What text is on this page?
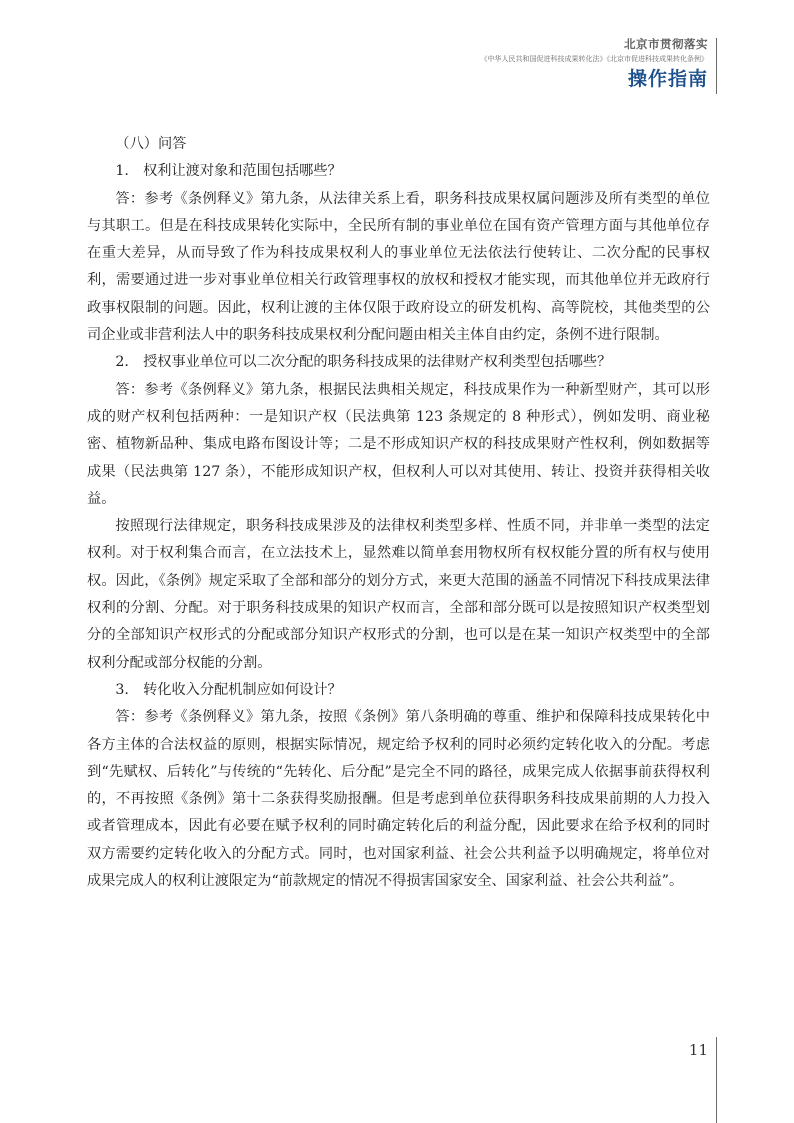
北京市贯彻落实
《中华人民共和国促进科技成果转化法》《北京市促进科技成果转化条例》
操作指南

（八）问答

1.　权利让渡对象和范围包括哪些？

答：参考《条例释义》第九条，从法律关系上看，职务科技成果权属问题涉及所有类型的单位与其职工。但是在科技成果转化实际中，全民所有制的事业单位在国有资产管理方面与其他单位存在重大差异，从而导致了作为科技成果权利人的事业单位无法依法行使转让、二次分配的民事权利，需要通过进一步对事业单位相关行政管理事权的放权和授权才能实现，而其他单位并无政府行政事权限制的问题。因此，权利让渡的主体仅限于政府设立的研发机构、高等院校，其他类型的公司企业或非营利法人中的职务科技成果权利分配问题由相关主体自由约定，条例不进行限制。

2.　授权事业单位可以二次分配的职务科技成果的法律财产权利类型包括哪些？

答：参考《条例释义》第九条，根据民法典相关规定，科技成果作为一种新型财产，其可以形成的财产权利包括两种：一是知识产权（民法典第 123 条规定的 8 种形式），例如发明、商业秘密、植物新品种、集成电路布图设计等；二是不形成知识产权的科技成果财产性权利，例如数据等成果（民法典第 127 条），不能形成知识产权，但权利人可以对其使用、转让、投资并获得相关收益。

按照现行法律规定，职务科技成果涉及的法律权利类型多样、性质不同，并非单一类型的法定权利。对于权利集合而言，在立法技术上，显然难以简单套用物权所有权权能分置的所有权与使用权。因此，《条例》规定采取了全部和部分的划分方式，来更大范围的涵盖不同情况下科技成果法律权利的分割、分配。对于职务科技成果的知识产权而言，全部和部分既可以是按照知识产权类型划分的全部知识产权形式的分配或部分知识产权形式的分割，也可以是在某一知识产权类型中的全部权利分配或部分权能的分割。

3.　转化收入分配机制应如何设计？

答：参考《条例释义》第九条，按照《条例》第八条明确的尊重、维护和保障科技成果转化中各方主体的合法权益的原则，根据实际情况，规定给予权利的同时必须约定转化收入的分配。考虑到“先赋权、后转化”与传统的“先转化、后分配”是完全不同的路径，成果完成人依据事前获得权利的，不再按照《条例》第十二条获得奖励报酬。但是考虑到单位获得职务科技成果前期的人力投入或者管理成本，因此有必要在赋予权利的同时确定转化后的利益分配，因此要求在给予权利的同时双方需要约定转化收入的分配方式。同时，也对国家利益、社会公共利益予以明确规定，将单位对成果完成人的权利让渡限定为“前款规定的情况不得损害国家安全、国家利益、社会公共利益”。

11
